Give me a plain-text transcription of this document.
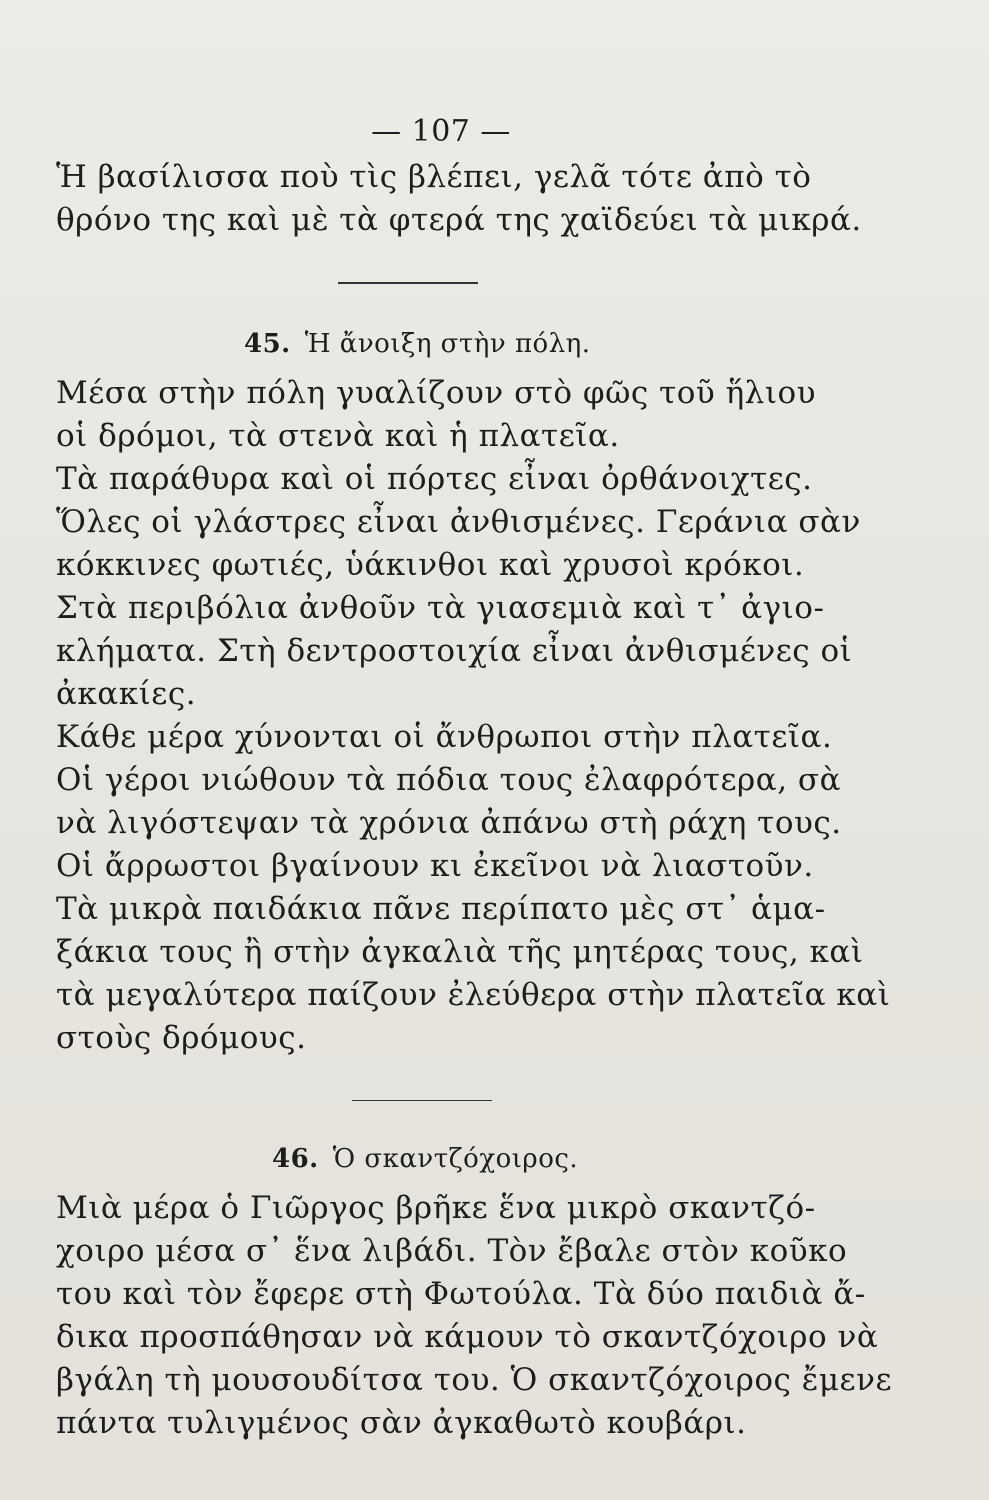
— 107 —
Ἡ βασίλισσα ποὺ τὶς βλέπει, γελᾶ τότε ἀπὸ τὸ
θρόνο της καὶ μὲ τὰ φτερά της χαϊδεύει τὰ μικρά.
45. Ἡ ἄνοιξη στὴν πόλη.
Μέσα στὴν πόλη γυαλίζουν στὸ φῶς τοῦ ἥλιου
οἱ δρόμοι, τὰ στενὰ καὶ ἡ πλατεῖα.
Τὰ παράθυρα καὶ οἱ πόρτες εἶναι ὀρθάνοιχτες.
Ὅλες οἱ γλάστρες εἶναι ἀνθισμένες. Γεράνια σὰν
κόκκινες φωτιές, ὑάκινθοι καὶ χρυσοὶ κρόκοι.
Στὰ περιβόλια ἀνθοῦν τὰ γιασεμιὰ καὶ τ᾽ ἀγιο-
κλήματα. Στὴ δεντροστοιχία εἶναι ἀνθισμένες οἱ
ἀκακίες.
Κάθε μέρα χύνονται οἱ ἄνθρωποι στὴν πλατεῖα.
Οἱ γέροι νιώθουν τὰ πόδια τους ἐλαφρότερα, σὰ
νὰ λιγόστεψαν τὰ χρόνια ἀπάνω στὴ ράχη τους.
Οἱ ἄρρωστοι βγαίνουν κι ἐκεῖνοι νὰ λιαστοῦν.
Τὰ μικρὰ παιδάκια πᾶνε περίπατο μὲς στ᾽ ἁμα-
ξάκια τους ἢ στὴν ἀγκαλιὰ τῆς μητέρας τους, καὶ
τὰ μεγαλύτερα παίζουν ἐλεύθερα στὴν πλατεῖα καὶ
στοὺς δρόμους.
46. Ὁ σκαντζόχοιρος.
Μιὰ μέρα ὁ Γιῶργος βρῆκε ἕνα μικρὸ σκαντζό-
χοιρο μέσα σ᾽ ἕνα λιβάδι. Τὸν ἔβαλε στὸν κοῦκο
του καὶ τὸν ἔφερε στὴ Φωτούλα. Τὰ δύο παιδιὰ ἄ-
δικα προσπάθησαν νὰ κάμουν τὸ σκαντζόχοιρο νὰ
βγάλη τὴ μουσουδίτσα του. Ὁ σκαντζόχοιρος ἔμενε
πάντα τυλιγμένος σὰν ἀγκαθωτὸ κουβάρι.
